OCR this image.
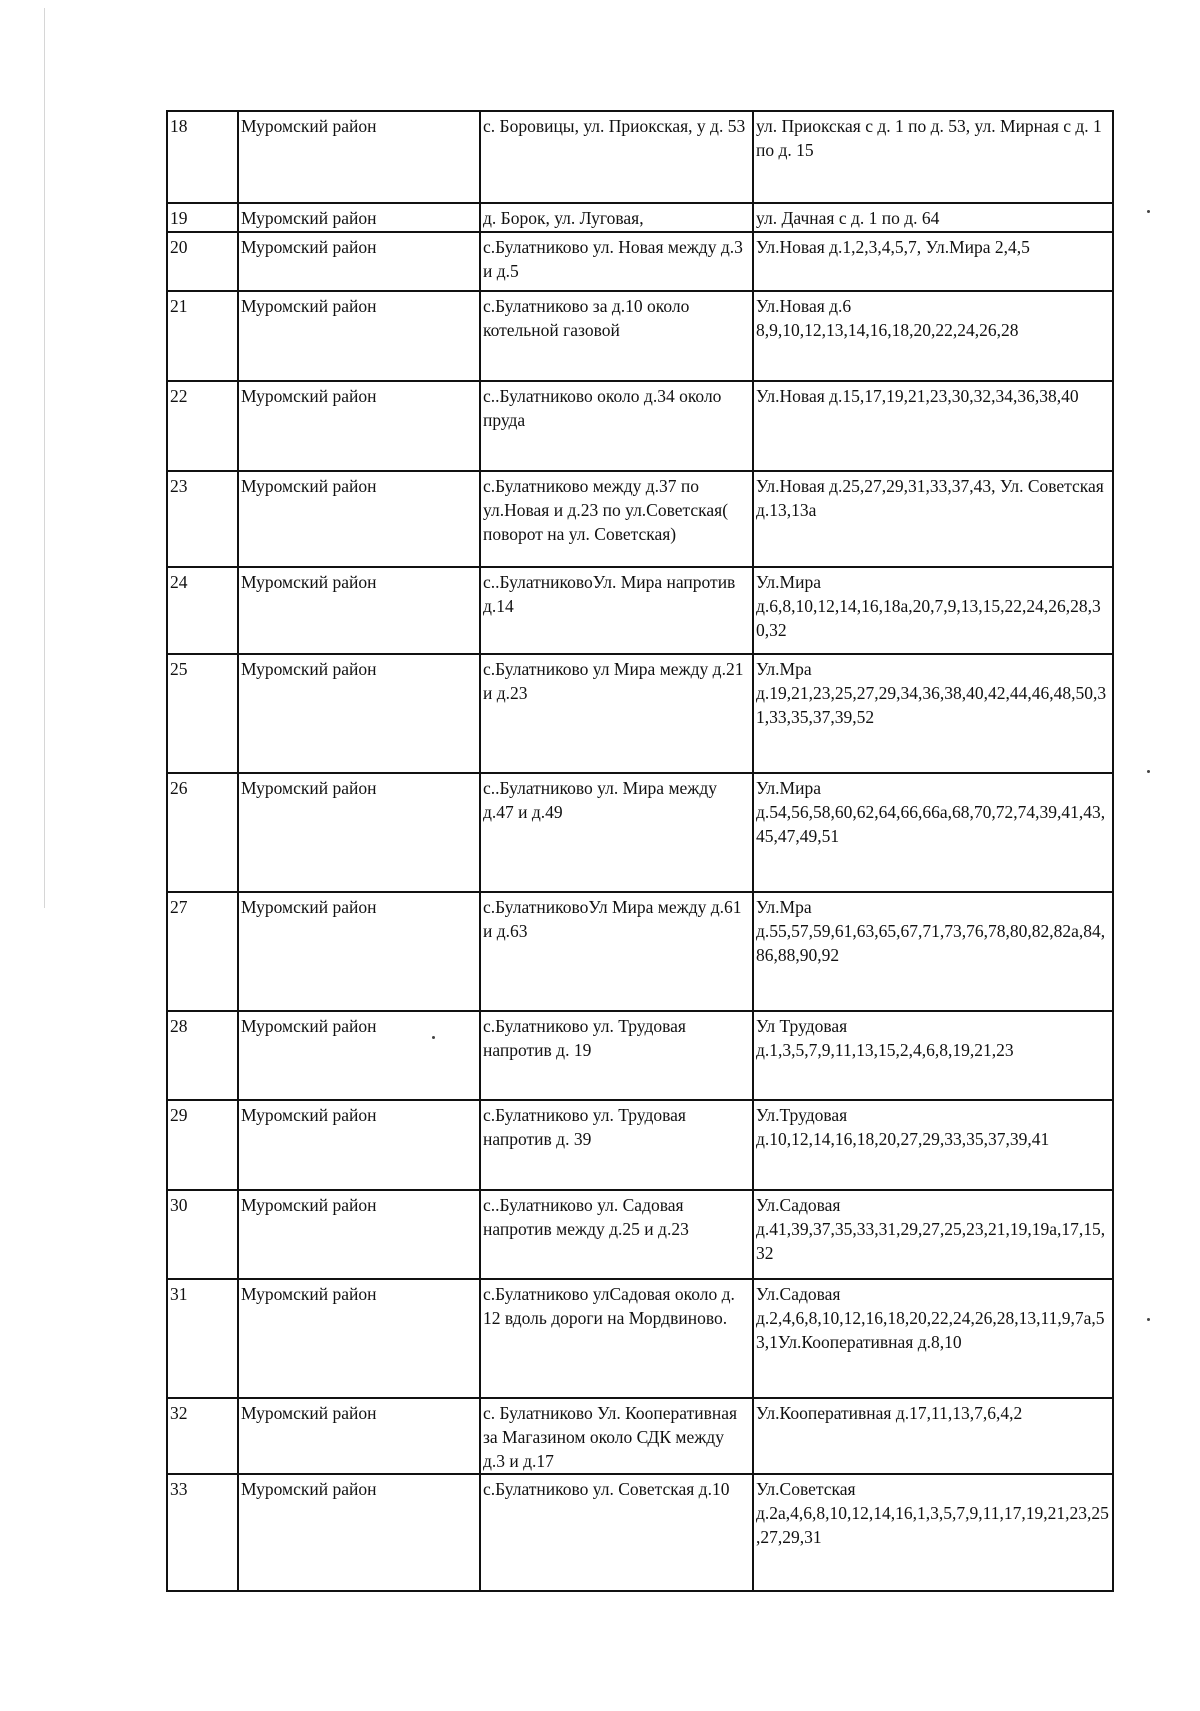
18	Муромский район	с. Боровицы, ул. Приокская, у д. 53	ул. Приокская с д. 1 по д. 53, ул. Мирная с д. 1 по д. 15
19	Муромский район	д. Борок, ул. Луговая,	ул. Дачная с д. 1 по д. 64
20	Муромский район	с.Булатниково ул. Новая между д.3 и д.5	Ул.Новая д.1,2,3,4,5,7, Ул.Мира 2,4,5
21	Муромский район	с.Булатниково за д.10 около котельной газовой	Ул.Новая д.6 8,9,10,12,13,14,16,18,20,22,24,26,28
22	Муромский район	с..Булатниково около д.34 около пруда	Ул.Новая д.15,17,19,21,23,30,32,34,36,38,40
23	Муромский район	с.Булатниково между д.37 по ул.Новая и д.23 по ул.Советская( поворот на ул. Советская)	Ул.Новая д.25,27,29,31,33,37,43, Ул. Советская д.13,13а
24	Муромский район	с..БулатниковоУл. Мира напротив д.14	Ул.Мира д.6,8,10,12,14,16,18а,20,7,9,13,15,22,24,26,28,30,32
25	Муромский район	с.Булатниково ул Мира между д.21 и д.23	Ул.Мра д.19,21,23,25,27,29,34,36,38,40,42,44,46,48,50,31,33,35,37,39,52
26	Муромский район	с..Булатниково ул. Мира между д.47 и д.49	Ул.Мира д.54,56,58,60,62,64,66,66а,68,70,72,74,39,41,43,45,47,49,51
27	Муромский район	с.БулатниковоУл Мира между д.61 и д.63	Ул.Мра д.55,57,59,61,63,65,67,71,73,76,78,80,82,82а,84,86,88,90,92
28	Муромский район	с.Булатниково ул. Трудовая напротив д. 19	Ул Трудовая д.1,3,5,7,9,11,13,15,2,4,6,8,19,21,23
29	Муромский район	с.Булатниково ул. Трудовая напротив д. 39	Ул.Трудовая д.10,12,14,16,18,20,27,29,33,35,37,39,41
30	Муромский район	с..Булатниково ул. Садовая напротив между д.25 и д.23	Ул.Садовая д.41,39,37,35,33,31,29,27,25,23,21,19,19а,17,15,32
31	Муромский район	с.Булатниково улСадовая около д. 12 вдоль дороги на Мордвиново.	Ул.Садовая д.2,4,6,8,10,12,16,18,20,22,24,26,28,13,11,9,7а,53,1Ул.Кооперативная д.8,10
32	Муромский район	с. Булатниково Ул. Кооперативная за Магазином около СДК между д.3 и д.17	Ул.Кооперативная д.17,11,13,7,6,4,2
33	Муромский район	с.Булатниково ул. Советская д.10	Ул.Советская д.2а,4,6,8,10,12,14,16,1,3,5,7,9,11,17,19,21,23,25,27,29,31
